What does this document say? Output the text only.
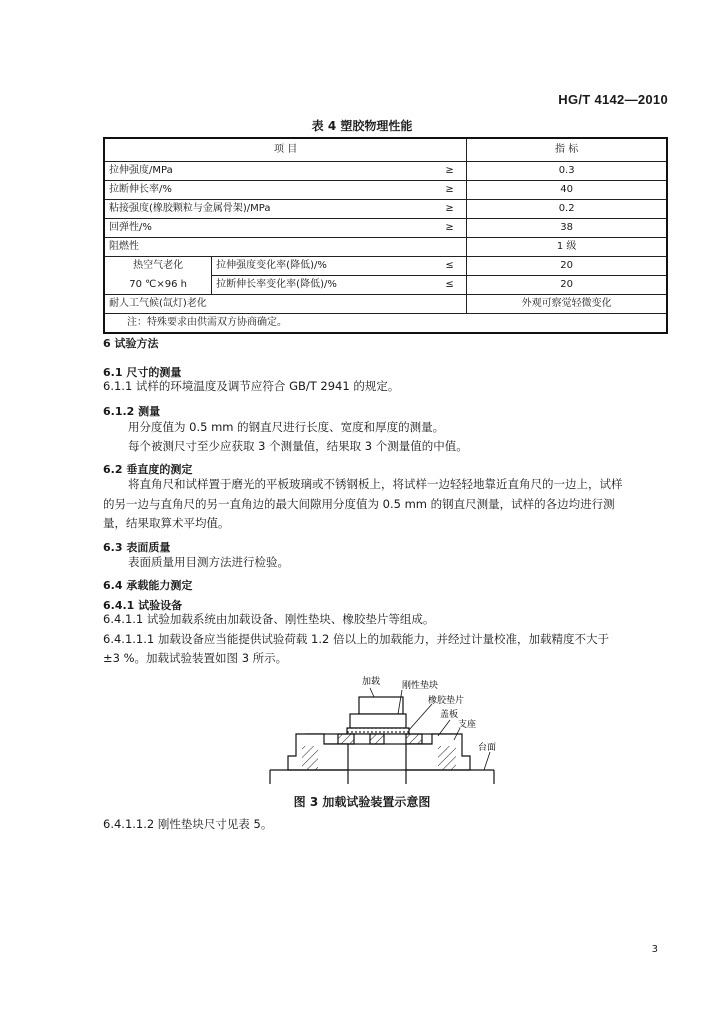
HG/T 4142—2010
表 4 塑胶物理性能
项 目			指 标
拉伸强度/MPa		≥	0.3
拉断伸长率/%		≥	40
粘接强度(橡胶颗粒与金属骨架)/MPa		≥	0.2
回弹性/%		≥	38
阻燃性			1 级
热空气老化	拉伸强度变化率(降低)/%	≤	20
70 ℃×96 h	拉断伸长率变化率(降低)/%	≤	20
耐人工气候(氙灯)老化			外观可察觉轻微变化
注：特殊要求由供需双方协商确定。			
6 试验方法
6.1 尺寸的测量
6.1.1 试样的环境温度及调节应符合 GB/T 2941 的规定。
6.1.2 测量
用分度值为 0.5 mm 的钢直尺进行长度、宽度和厚度的测量。
每个被测尺寸至少应获取 3 个测量值，结果取 3 个测量值的中值。
6.2 垂直度的测定
将直角尺和试样置于磨光的平板玻璃或不锈钢板上，将试样一边轻轻地靠近直角尺的一边上，试样
的另一边与直角尺的另一直角边的最大间隙用分度值为 0.5 mm 的钢直尺测量，试样的各边均进行测
量，结果取算术平均值。
6.3 表面质量
表面质量用目测方法进行检验。
6.4 承载能力测定
6.4.1 试验设备
6.4.1.1 试验加载系统由加载设备、刚性垫块、橡胶垫片等组成。
6.4.1.1.1 加载设备应当能提供试验荷载 1.2 倍以上的加载能力，并经过计量校准，加载精度不大于
±3 %。加载试验装置如图 3 所示。
加载 刚性垫块
橡胶垫片
盖板
支座
台面
图 3 加载试验装置示意图
6.4.1.1.2 刚性垫块尺寸见表 5。
3
